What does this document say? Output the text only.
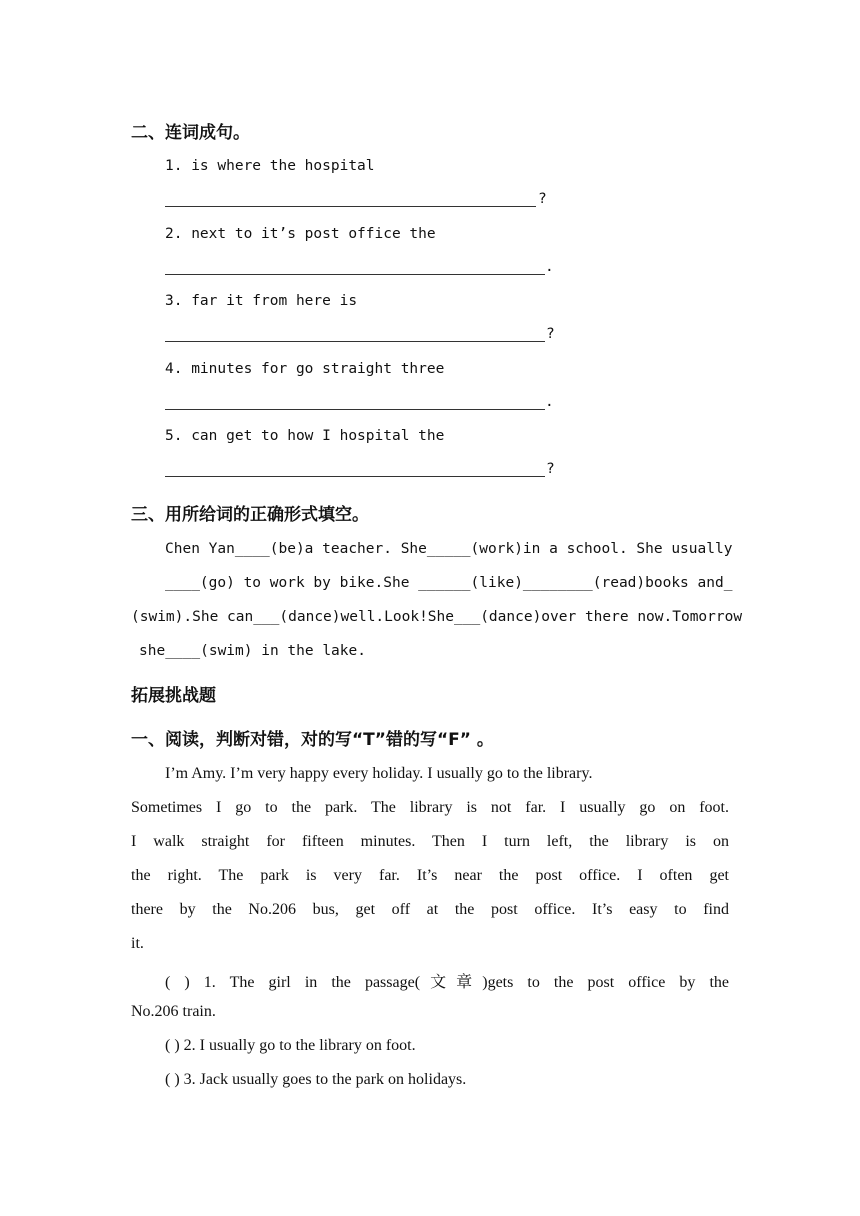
二、连词成句。
1. is where the hospital
?
2. next to it’s post office the
.
3. far it from here is
?
4. minutes for go straight three
.
5. can get to how I hospital the
?
三、用所给词的正确形式填空。
Chen Yan____(be)a teacher. She_____(work)in a school. She usually
____(go) to work by bike.She ______(like)________(read)books and_
(swim).She can___(dance)well.Look!She___(dance)over there now.Tomorrow
she____(swim) in the lake.
拓展挑战题
一、阅读，判断对错，对的写“T”错的写“F” 。
I’m Amy. I’m very happy every holiday. I usually go to the library.
Sometimes I go to the park. The library is not far. I usually go on foot.
I walk straight for fifteen minutes. Then I turn left, the library is on
the right. The park is very far. It’s near the post office. I often get
there by the No.206 bus, get off at the post office. It’s easy to find
it.
( ) 1. The girl in the passage(文章)gets to the post office by the
No.206 train.
( ) 2. I usually go to the library on foot.
( ) 3. Jack usually goes to the park on holidays.
